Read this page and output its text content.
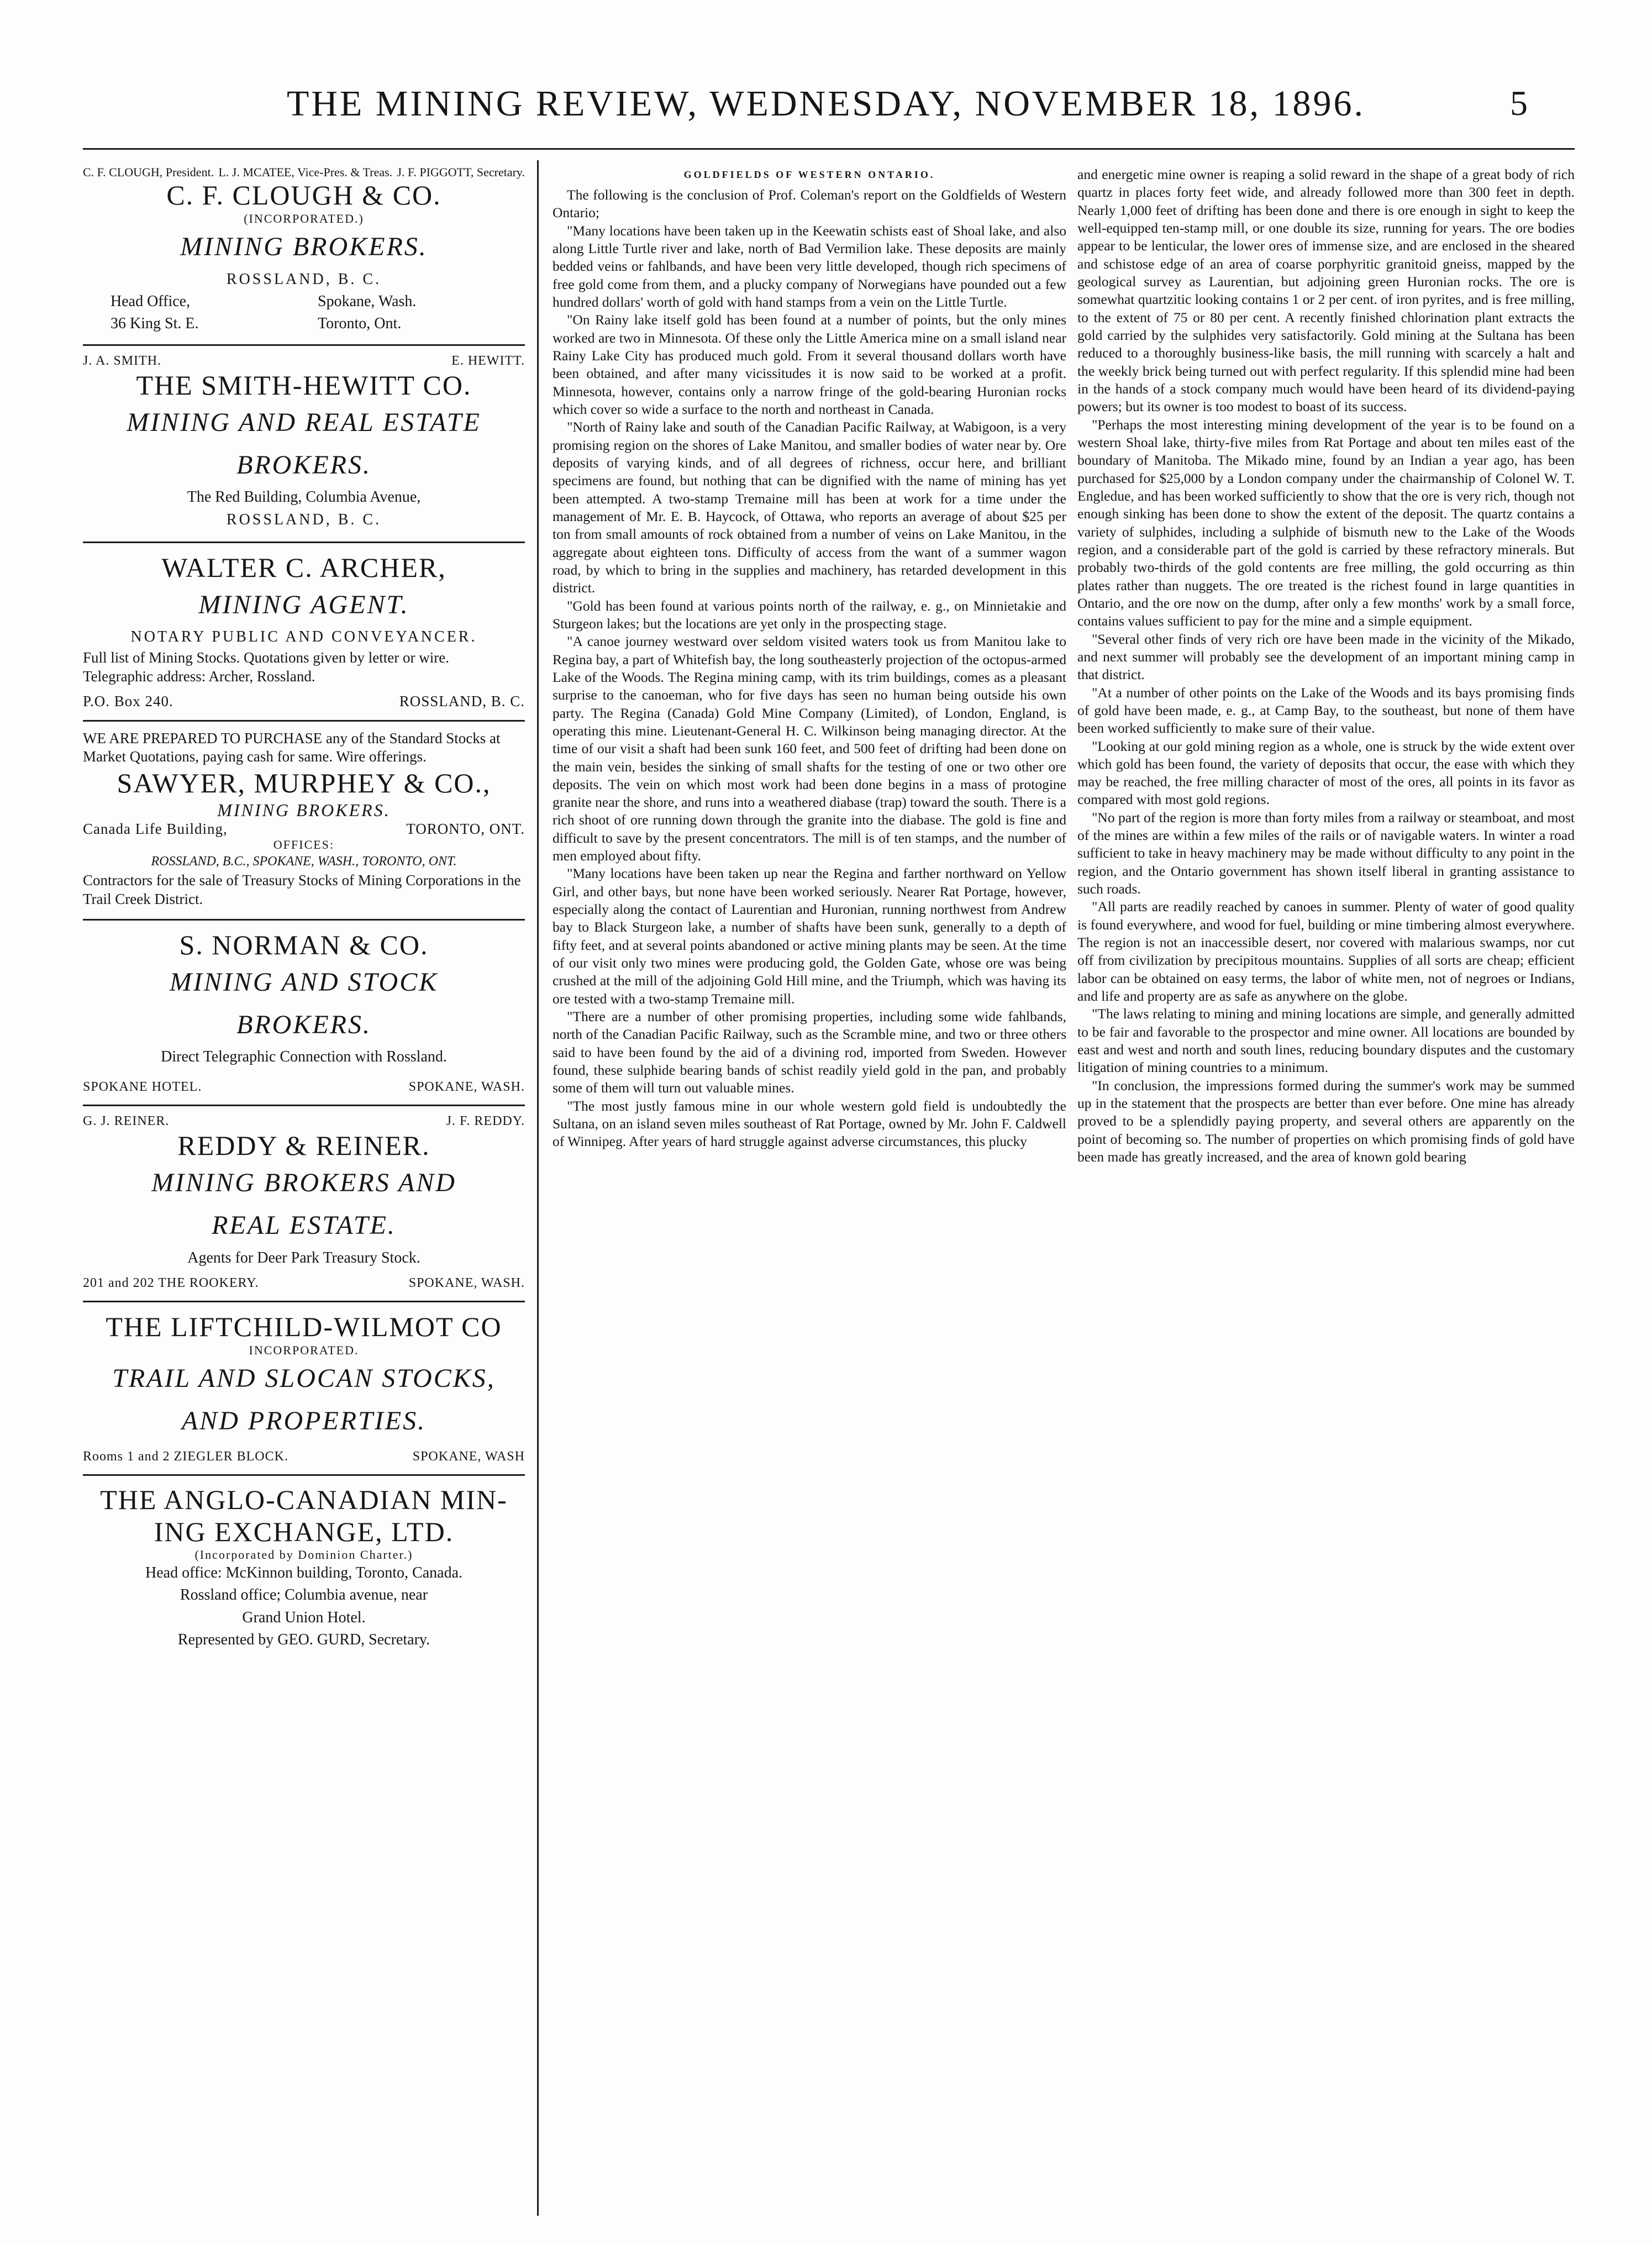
THE MINING REVIEW, WEDNESDAY, NOVEMBER 18, 1896.	5
C. F. CLOUGH, President. L. J. MCATEE, Vice-Pres. & Treas. J. F. PIGGOTT, Secretary.
C. F. CLOUGH & CO.
(INCORPORATED.)
MINING BROKERS.
ROSSLAND, B. C.
Head Office,	Spokane, Wash.
36 King St. E.	Toronto, Ont.
J. A. SMITH.	E. HEWITT.
THE SMITH-HEWITT CO.
MINING AND REAL ESTATE
BROKERS.
The Red Building, Columbia Avenue,
ROSSLAND, B. C.
WALTER C. ARCHER,
MINING AGENT.
NOTARY PUBLIC AND CONVEYANCER.
Full list of Mining Stocks. Quotations given by letter or wire.
Telegraphic address: Archer, Rossland.
P.O. Box 240.	ROSSLAND, B. C.
WE ARE PREPARED TO PURCHASE any of the Standard Stocks at Market Quotations, paying cash for same. Wire offerings.
SAWYER, MURPHEY & CO.,
MINING BROKERS.
Canada Life Building,	TORONTO, ONT.
OFFICES:
ROSSLAND, B.C., SPOKANE, WASH., TORONTO, ONT.
Contractors for the sale of Treasury Stocks of Mining Corporations in the Trail Creek District.
S. NORMAN & CO.
MINING AND STOCK
BROKERS.
Direct Telegraphic Connection with Rossland.
SPOKANE HOTEL.	SPOKANE, WASH.
G. J. REINER.	J. F. REDDY.
REDDY & REINER.
MINING BROKERS AND
REAL ESTATE.
Agents for Deer Park Treasury Stock.
201 and 202 THE ROOKERY.	SPOKANE, WASH.
THE LIFTCHILD-WILMOT CO
INCORPORATED.
TRAIL AND SLOCAN STOCKS,
AND PROPERTIES.
Rooms 1 and 2 ZIEGLER BLOCK.	SPOKANE, WASH
THE ANGLO-CANADIAN MIN-
ING EXCHANGE, LTD.
(Incorporated by Dominion Charter.)
Head office: McKinnon building, Toronto, Canada.
Rossland office; Columbia avenue, near
Grand Union Hotel.
Represented by GEO. GURD, Secretary.
GOLDFIELDS OF WESTERN ONTARIO.

The following is the conclusion of Prof. Coleman's report on the Goldfields of Western Ontario;

"Many locations have been taken up in the Keewatin schists east of Shoal lake, and also along Little Turtle river and lake, north of Bad Vermilion lake. These deposits are mainly bedded veins or fahlbands, and have been very little developed, though rich specimens of free gold come from them, and a plucky company of Norwegians have pounded out a few hundred dollars' worth of gold with hand stamps from a vein on the Little Turtle.

"On Rainy lake itself gold has been found at a number of points, but the only mines worked are two in Minnesota. Of these only the Little America mine on a small island near Rainy Lake City has produced much gold. From it several thousand dollars worth have been obtained, and after many vicissitudes it is now said to be worked at a profit. Minnesota, however, contains only a narrow fringe of the gold-bearing Huronian rocks which cover so wide a surface to the north and northeast in Canada.

"North of Rainy lake and south of the Canadian Pacific Railway, at Wabigoon, is a very promising region on the shores of Lake Manitou, and smaller bodies of water near by. Ore deposits of varying kinds, and of all degrees of richness, occur here, and brilliant specimens are found, but nothing that can be dignified with the name of mining has yet been attempted. A two-stamp Tremaine mill has been at work for a time under the management of Mr. E. B. Haycock, of Ottawa, who reports an average of about $25 per ton from small amounts of rock obtained from a number of veins on Lake Manitou, in the aggregate about eighteen tons. Difficulty of access from the want of a summer wagon road, by which to bring in the supplies and machinery, has retarded development in this district.

"Gold has been found at various points north of the railway, e. g., on Minnietakie and Sturgeon lakes; but the locations are yet only in the prospecting stage.

"A canoe journey westward over seldom visited waters took us from Manitou lake to Regina bay, a part of Whitefish bay, the long southeasterly projection of the octopus-armed Lake of the Woods. The Regina mining camp, with its trim buildings, comes as a pleasant surprise to the canoeman, who for five days has seen no human being outside his own party. The Regina (Canada) Gold Mine Company (Limited), of London, England, is operating this mine. Lieutenant-General H. C. Wilkinson being managing director. At the time of our visit a shaft had been sunk 160 feet, and 500 feet of drifting had been done on the main vein, besides the sinking of small shafts for the testing of one or two other ore deposits. The vein on which most work had been done begins in a mass of protogine granite near the shore, and runs into a weathered diabase (trap) toward the south. There is a rich shoot of ore running down through the granite into the diabase. The gold is fine and difficult to save by the present concentrators. The mill is of ten stamps, and the number of men employed about fifty.

"Many locations have been taken up near the Regina and farther northward on Yellow Girl, and other bays, but none have been worked seriously. Nearer Rat Portage, however, especially along the contact of Laurentian and Huronian, running northwest from Andrew bay to Black Sturgeon lake, a number of shafts have been sunk, generally to a depth of fifty feet, and at several points abandoned or active mining plants may be seen. At the time of our visit only two mines were producing gold, the Golden Gate, whose ore was being crushed at the mill of the adjoining Gold Hill mine, and the Triumph, which was having its ore tested with a two-stamp Tremaine mill.

"There are a number of other promising properties, including some wide fahlbands, north of the Canadian Pacific Railway, such as the Scramble mine, and two or three others said to have been found by the aid of a divining rod, imported from Sweden. However found, these sulphide bearing bands of schist readily yield gold in the pan, and probably some of them will turn out valuable mines.

"The most justly famous mine in our whole western gold field is undoubtedly the Sultana, on an island seven miles southeast of Rat Portage, owned by Mr. John F. Caldwell of Winnipeg. After years of hard struggle against adverse circumstances, this plucky

and energetic mine owner is reaping a solid reward in the shape of a great body of rich quartz in places forty feet wide, and already followed more than 300 feet in depth. Nearly 1,000 feet of drifting has been done and there is ore enough in sight to keep the well-equipped ten-stamp mill, or one double its size, running for years. The ore bodies appear to be lenticular, the lower ores of immense size, and are enclosed in the sheared and schistose edge of an area of coarse porphyritic granitoid gneiss, mapped by the geological survey as Laurentian, but adjoining green Huronian rocks. The ore is somewhat quartzitic looking contains 1 or 2 per cent. of iron pyrites, and is free milling, to the extent of 75 or 80 per cent. A recently finished chlorination plant extracts the gold carried by the sulphides very satisfactorily. Gold mining at the Sultana has been reduced to a thoroughly business-like basis, the mill running with scarcely a halt and the weekly brick being turned out with perfect regularity. If this splendid mine had been in the hands of a stock company much would have been heard of its dividend-paying powers; but its owner is too modest to boast of its success.

"Perhaps the most interesting mining development of the year is to be found on a western Shoal lake, thirty-five miles from Rat Portage and about ten miles east of the boundary of Manitoba. The Mikado mine, found by an Indian a year ago, has been purchased for $25,000 by a London company under the chairmanship of Colonel W. T. Engledue, and has been worked sufficiently to show that the ore is very rich, though not enough sinking has been done to show the extent of the deposit. The quartz contains a variety of sulphides, including a sulphide of bismuth new to the Lake of the Woods region, and a considerable part of the gold is carried by these refractory minerals. But probably two-thirds of the gold contents are free milling, the gold occurring as thin plates rather than nuggets. The ore treated is the richest found in large quantities in Ontario, and the ore now on the dump, after only a few months' work by a small force, contains values sufficient to pay for the mine and a simple equipment.

"Several other finds of very rich ore have been made in the vicinity of the Mikado, and next summer will probably see the development of an important mining camp in that district.

"At a number of other points on the Lake of the Woods and its bays promising finds of gold have been made, e. g., at Camp Bay, to the southeast, but none of them have been worked sufficiently to make sure of their value.

"Looking at our gold mining region as a whole, one is struck by the wide extent over which gold has been found, the variety of deposits that occur, the ease with which they may be reached, the free milling character of most of the ores, all points in its favor as compared with most gold regions.

"No part of the region is more than forty miles from a railway or steamboat, and most of the mines are within a few miles of the rails or of navigable waters. In winter a road sufficient to take in heavy machinery may be made without difficulty to any point in the region, and the Ontario government has shown itself liberal in granting assistance to such roads.

"All parts are readily reached by canoes in summer. Plenty of water of good quality is found everywhere, and wood for fuel, building or mine timbering almost everywhere. The region is not an inaccessible desert, nor covered with malarious swamps, nor cut off from civilization by precipitous mountains. Supplies of all sorts are cheap; efficient labor can be obtained on easy terms, the labor of white men, not of negroes or Indians, and life and property are as safe as anywhere on the globe.

"The laws relating to mining and mining locations are simple, and generally admitted to be fair and favorable to the prospector and mine owner. All locations are bounded by east and west and north and south lines, reducing boundary disputes and the customary litigation of mining countries to a minimum.

"In conclusion, the impressions formed during the summer's work may be summed up in the statement that the prospects are better than ever before. One mine has already proved to be a splendidly paying property, and several others are apparently on the point of becoming so. The number of properties on which promising finds of gold have been made has greatly increased, and the area of known gold bearing
